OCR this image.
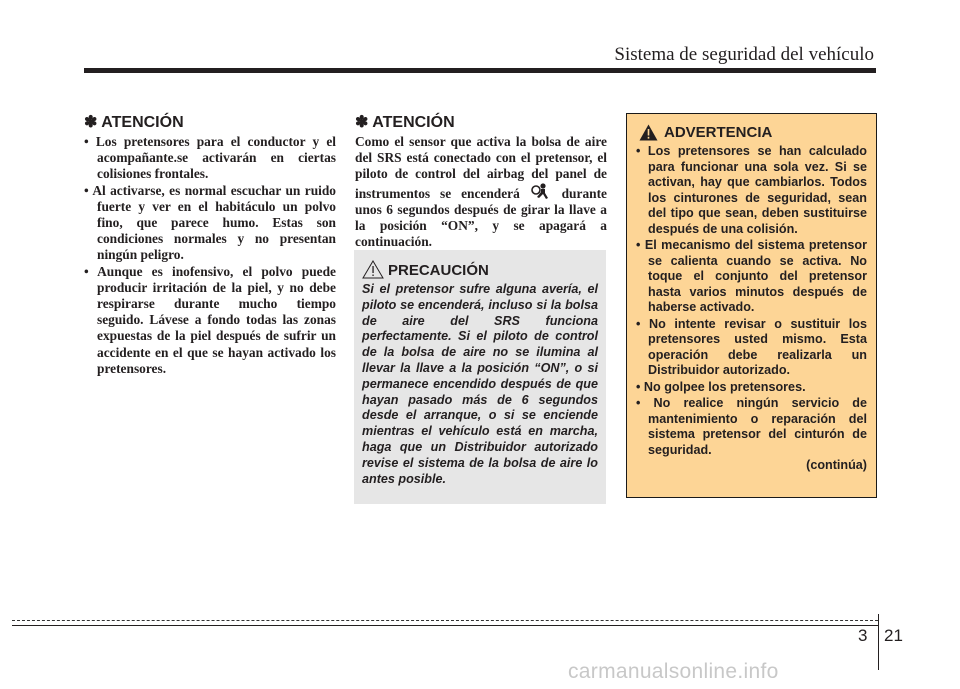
Sistema de seguridad del vehículo
✽ ATENCIÓN
• Los pretensores para el conductor y el acompañante.se activarán en ciertas colisiones frontales.
• Al activarse, es normal escuchar un ruido fuerte y ver en el habitáculo un polvo fino, que parece humo. Estas son condiciones normales y no presentan ningún peligro.
• Aunque es inofensivo, el polvo puede producir irritación de la piel, y no debe respirarse durante mucho tiempo seguido. Lávese a fondo todas las zonas expuestas de la piel después de sufrir un accidente en el que se hayan activado los pretensores.
✽ ATENCIÓN

Como el sensor que activa la bolsa de aire del SRS está conectado con el pretensor, el piloto de control del airbag del panel de instrumentos se encenderá  durante unos 6 segundos después de girar la llave a la posición “ON”, y se apagará a continuación.

PRECAUCIÓN

Si el pretensor sufre alguna avería, el piloto se encenderá, incluso si la bolsa de aire del SRS funciona perfectamente. Si el piloto de control de la bolsa de aire no se ilumina al llevar la llave a la posición “ON”, o si permanece encendido después de que hayan pasado más de 6 segundos desde el arranque, o si se enciende mientras el vehículo está en marcha, haga que un Distribuidor autorizado revise el sistema de la bolsa de aire lo antes posible.

ADVERTENCIA
• Los pretensores se han calculado para funcionar una sola vez. Si se activan, hay que cambiarlos. Todos los cinturones de seguridad, sean del tipo que sean, deben sustituirse después de una colisión.
• El mecanismo del sistema pretensor se calienta cuando se activa. No toque el conjunto del pretensor hasta varios minutos después de haberse activado.
• No intente revisar o sustituir los pretensores usted mismo. Esta operación debe realizarla un Distribuidor autorizado.
• No golpee los pretensores.
• No realice ningún servicio de mantenimiento o reparación del sistema pretensor del cinturón de seguridad.
(continúa)
3 21
carmanualsonline.info
